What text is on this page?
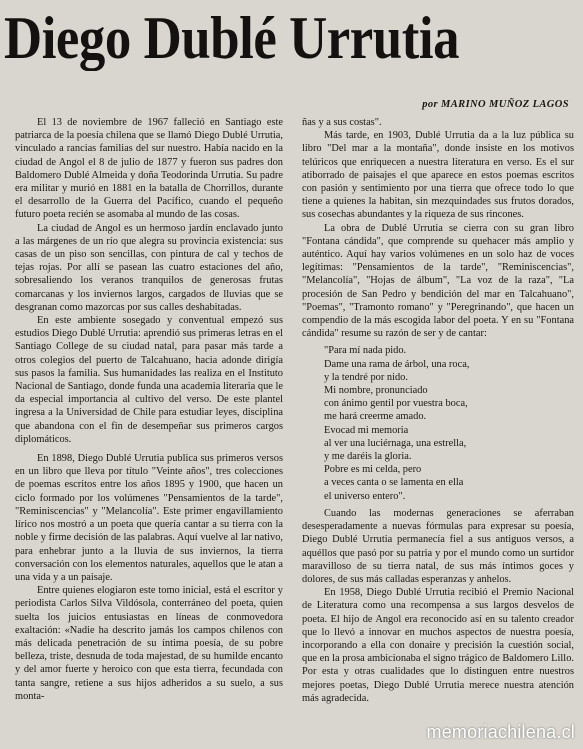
Diego Dublé Urrutia
por MARINO MUÑOZ LAGOS

El 13 de noviembre de 1967 falleció en Santiago este patriarca de la poesía chilena que se llamó Diego Dublé Urrutia, vinculado a rancias familias del sur nuestro. Había nacido en la ciudad de Angol el 8 de julio de 1877 y fueron sus padres don Baldomero Dublé Almeida y doña Teodorinda Urrutia. Su padre era militar y murió en 1881 en la batalla de Chorrillos, durante el desarrollo de la Guerra del Pacífico, cuando el pequeño futuro poeta recién se asomaba al mundo de las cosas.

La ciudad de Angol es un hermoso jardín enclavado junto a las márgenes de un río que alegra su provincia existencia: sus casas de un piso son sencillas, con pintura de cal y techos de tejas rojas. Por allí se pasean las cuatro estaciones del año, sobresaliendo los veranos tranquilos de generosas frutas comarcanas y los inviernos largos, cargados de lluvias que se desgranan como mazorcas por sus calles deshabitadas.

En este ambiente sosegado y conventual empezó sus estudios Diego Dublé Urrutia: aprendió sus primeras letras en el Santiago College de su ciudad natal, para pasar más tarde a otros colegios del puerto de Talcahuano, hacia adonde dirigía sus pasos la familia. Sus humanidades las realiza en el Instituto Nacional de Santiago, donde funda una academia literaria que le da especial importancia al cultivo del verso. De este plantel ingresa a la Universidad de Chile para estudiar leyes, disciplina que abandona con el fin de desempeñar sus primeros cargos diplomáticos.

En 1898, Diego Dublé Urrutia publica sus primeros versos en un libro que lleva por título "Veinte años", tres colecciones de poemas escritos entre los años 1895 y 1900, que hacen un ciclo formado por los volúmenes "Pensamientos de la tarde", "Reminiscencias" y "Melancolía". Este primer engavillamiento lírico nos mostró a un poeta que quería cantar a su tierra con la noble y firme decisión de las palabras. Aquí vuelve al lar nativo, para enhebrar junto a la lluvia de sus inviernos, la tierra conversación con los elementos naturales, aquellos que le atan a una vida y a un paisaje.

Entre quienes elogiaron este tomo inicial, está el escritor y periodista Carlos Silva Vildósola, conterráneo del poeta, quien suelta los juicios entusiastas en líneas de conmovedora exaltación: «Nadie ha descrito jamás los campos chilenos con más delicada penetración de su íntima poesía, de su pobre belleza, triste, desnuda de toda majestad, de su humilde encanto y del amor fuerte y heroico con que esta tierra, fecundada con tanta sangre, retiene a sus hijos adheridos a su suelo, a sus monta-

ñas y a sus costas".

Más tarde, en 1903, Dublé Urrutia da a la luz pública su libro "Del mar a la montaña", donde insiste en los motivos telúricos que enriquecen a nuestra literatura en verso. Es el sur atiborrado de paisajes el que aparece en estos poemas escritos con pasión y sentimiento por una tierra que ofrece todo lo que tiene a quienes la habitan, sin mezquindades sus frutos dorados, sus cosechas abundantes y la riqueza de sus rincones.

La obra de Dublé Urrutia se cierra con su gran libro "Fontana cándida", que comprende su quehacer más amplio y auténtico. Aquí hay varios volúmenes en un solo haz de voces legítimas: "Pensamientos de la tarde", "Reminiscencias", "Melancolía", "Hojas de álbum", "La voz de la raza", "La procesión de San Pedro y bendición del mar en Talcahuano", "Poemas", "Tramonto romano" y "Peregrinando", que hacen un compendio de la más escogida labor del poeta. Y en su "Fontana cándida" resume su razón de ser y de cantar:

"Para mí nada pido.
Dame una rama de árbol, una roca,
y la tendré por nido.
Mi nombre, pronunciado
con ánimo gentil por vuestra boca,
me hará creerme amado.
Evocad mi memoria
al ver una luciérnaga, una estrella,
y me daréis la gloria.
Pobre es mi celda, pero
a veces canta o se lamenta en ella
el universo entero".

Cuando las modernas generaciones se aferraban desesperadamente a nuevas fórmulas para expresar su poesía, Diego Dublé Urrutia permanecía fiel a sus antiguos versos, a aquéllos que pasó por su patria y por el mundo como un surtidor maravilloso de su tierra natal, de sus más íntimos goces y dolores, de sus más calladas esperanzas y anhelos.

En 1958, Diego Dublé Urrutia recibió el Premio Nacional de Literatura como una recompensa a sus largos desvelos de poeta. El hijo de Angol era reconocido así en su talento creador que lo llevó a innovar en muchos aspectos de nuestra poesía, incorporando a ella con donaire y precisión la cuestión social, que en la prosa ambicionaba el signo trágico de Baldomero Lillo. Por esta y otras cualidades que lo distinguen entre nuestros mejores poetas, Diego Dublé Urrutia merece nuestra atención más agradecida.

memoriachilena.cl
